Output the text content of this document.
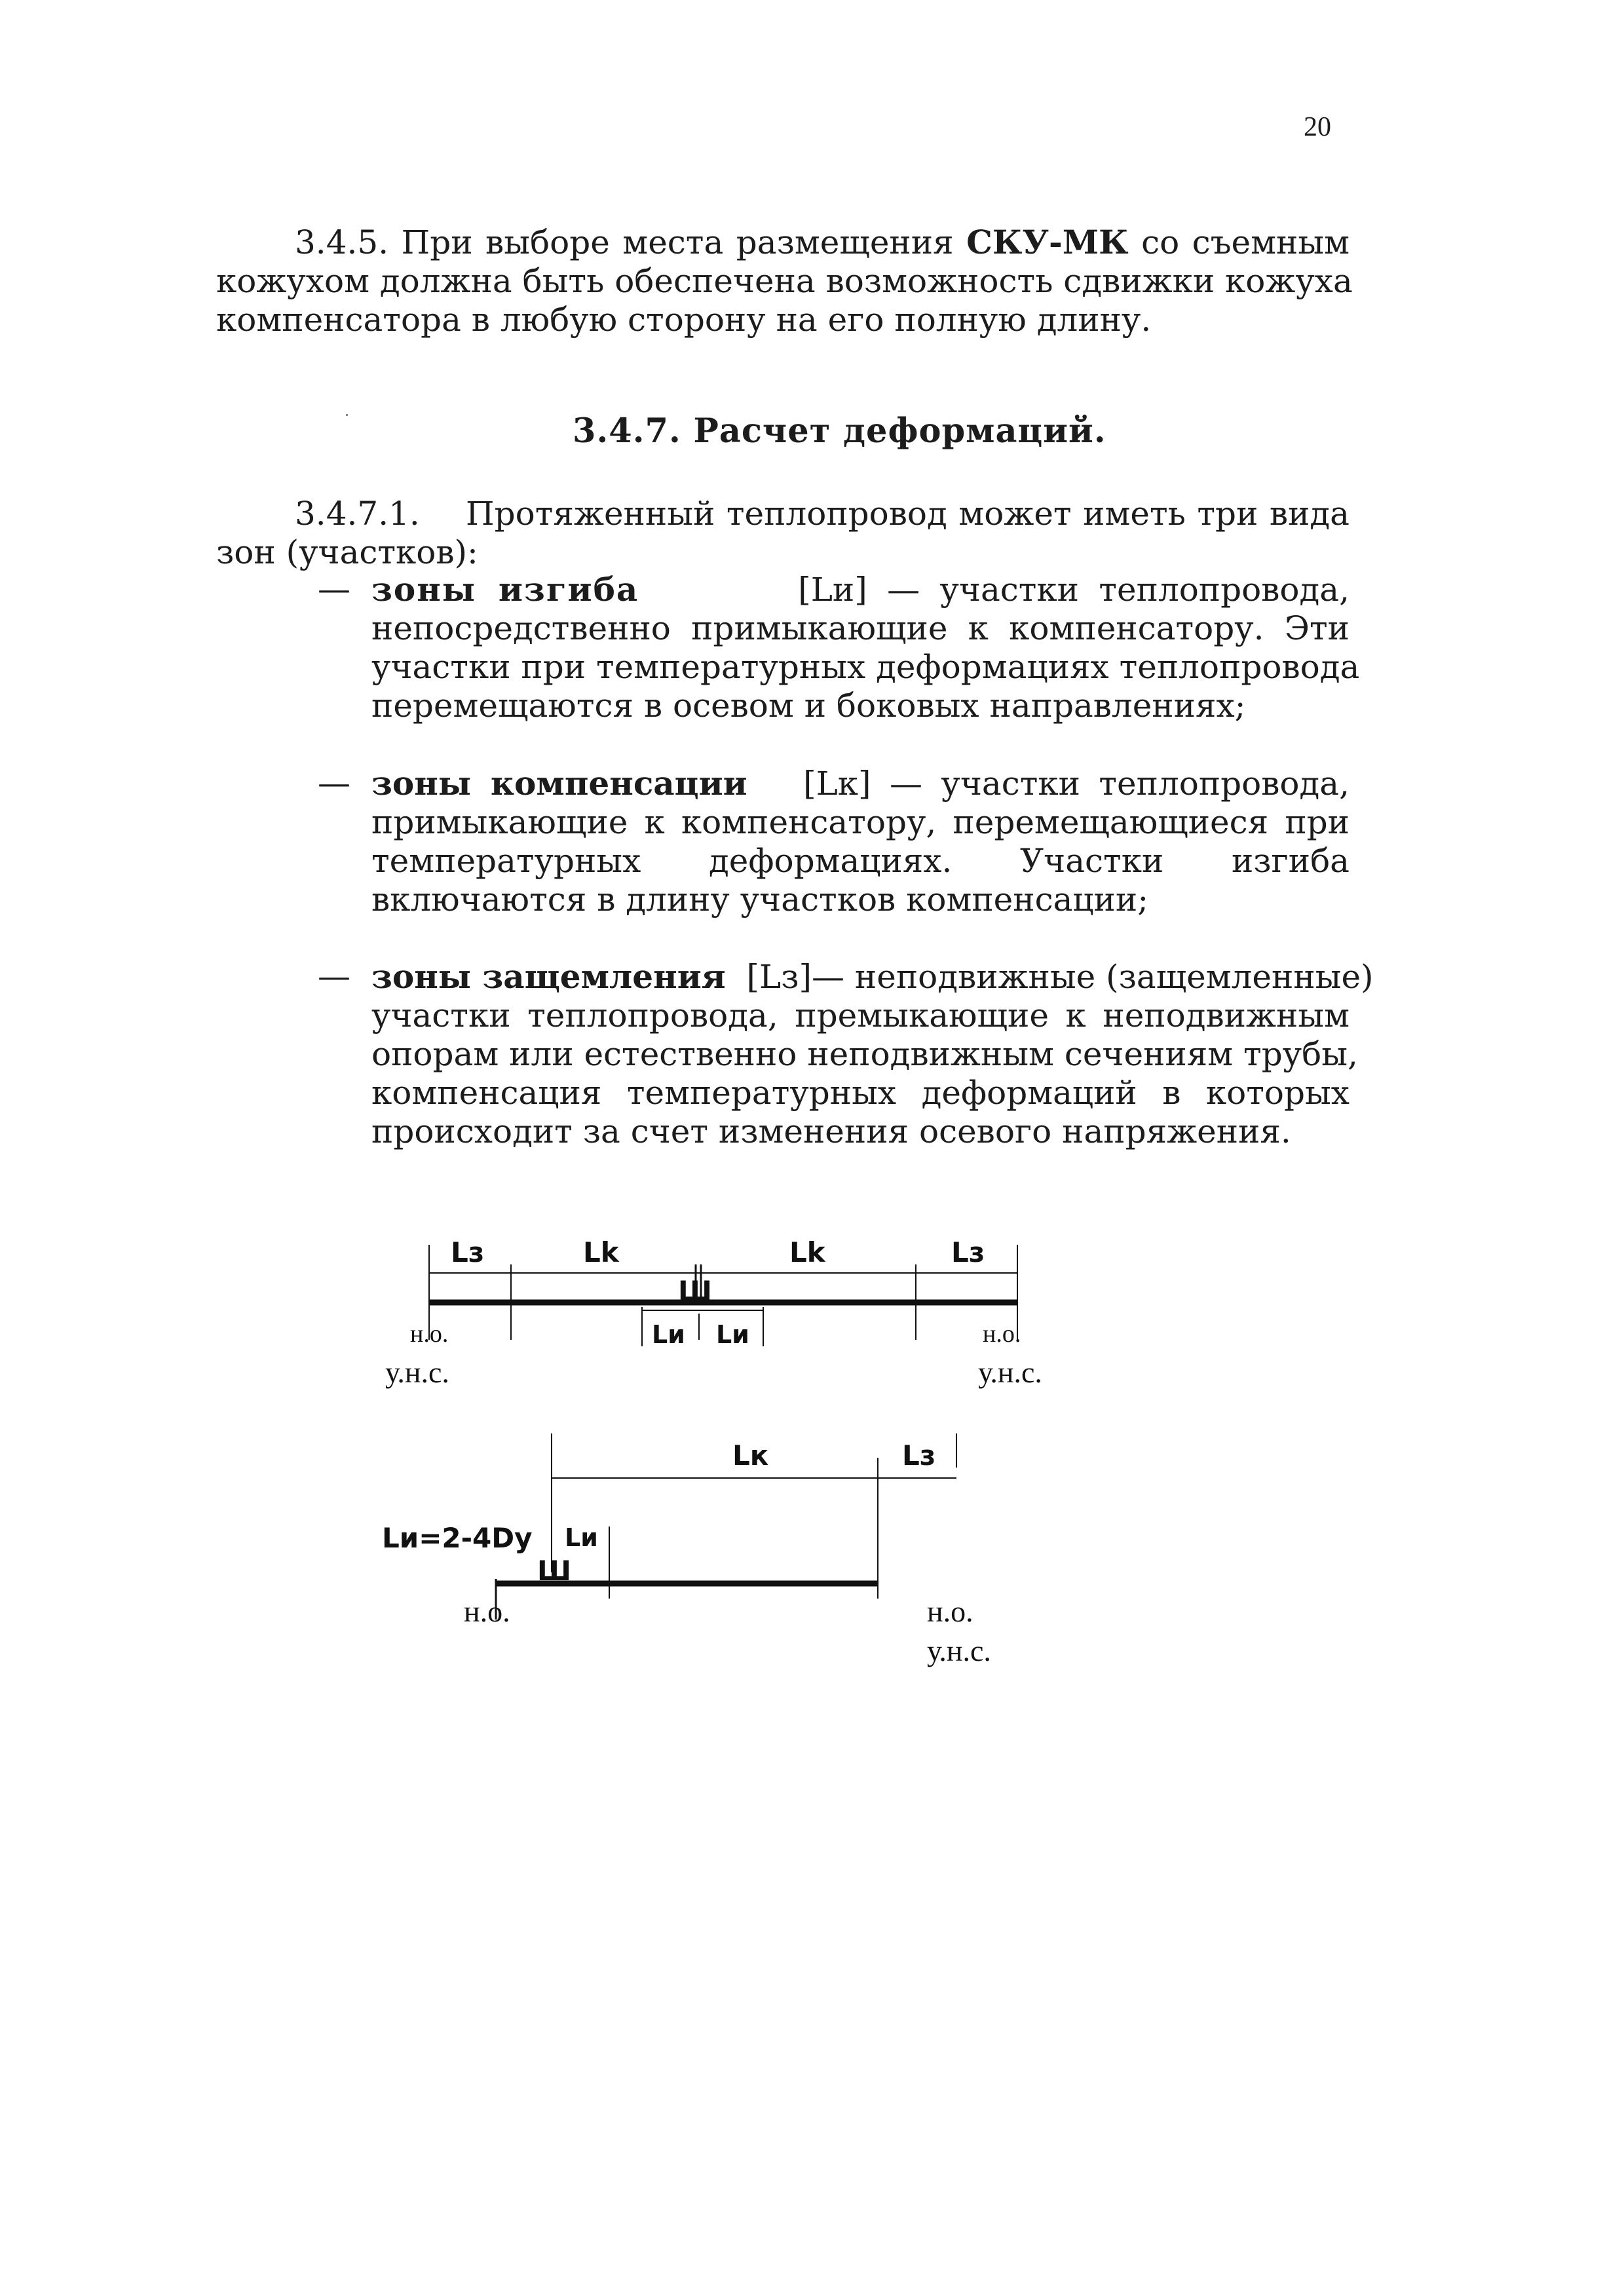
20
3.4.5. При выборе места размещения СКУ-МК со съемным
кожухом должна быть обеспечена возможность сдвижки кожуха
компенсатора в любую сторону на его полную длину.
3.4.7. Расчет деформаций.
3.4.7.1. Протяженный теплопровод может иметь три вида
зон (участков):
— зоны изгиба	[Lи] — участки теплопровода,
непосредственно примыкающие к компенсатору. Эти
участки при температурных деформациях теплопровода
перемещаются в осевом и боковых направлениях;
— зоны компенсации [Lк] — участки теплопровода,
примыкающие к компенсатору, перемещающиеся при
температурных деформациях. Участки изгиба
включаются в длину участков компенсации;
— зоны защемления [Lз]— неподвижные (защемленные)
участки теплопровода, премыкающие к неподвижным
опорам или естественно неподвижным сечениям трубы,
компенсация температурных деформаций в которых
происходит за счет изменения осевого напряжения.
Lз	Lk	Lk	Lз
Ш
Lи Lи
н.о.	н.о.
у.н.с.	у.н.с.
Lк	Lз
Lи=2-4Dу Lи
Ш
н.о.	н.о.
у.н.с.
